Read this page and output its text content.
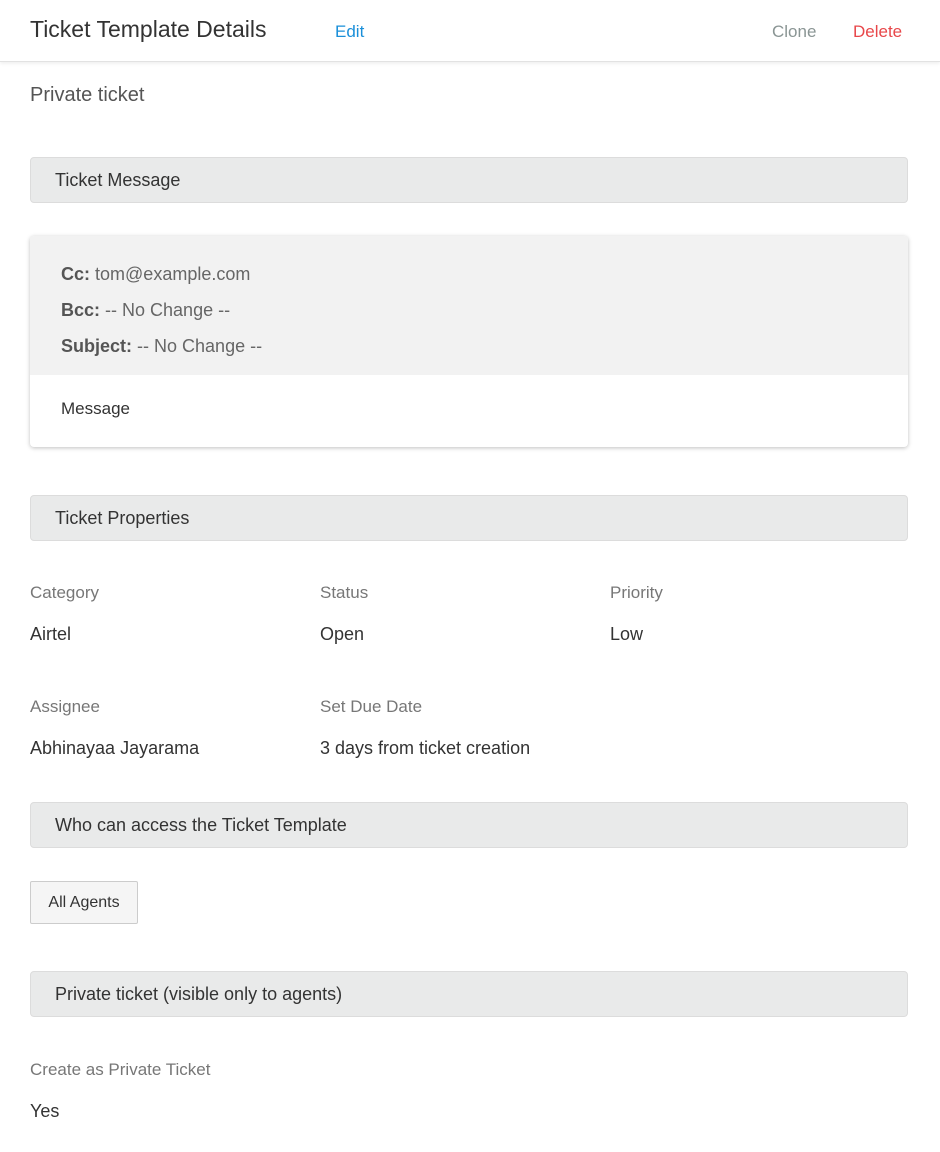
Ticket Template Details	Edit	Clone Delete
Private ticket
Ticket Message
Cc: tom@example.com
Bcc: -- No Change --
Subject: -- No Change --
Message
Ticket Properties
Category
Airtel
Status
Open
Priority
Low
Assignee
Abhinayaa Jayarama
Set Due Date
3 days from ticket creation
Who can access the Ticket Template
All Agents
Private ticket (visible only to agents)
Create as Private Ticket
Yes
